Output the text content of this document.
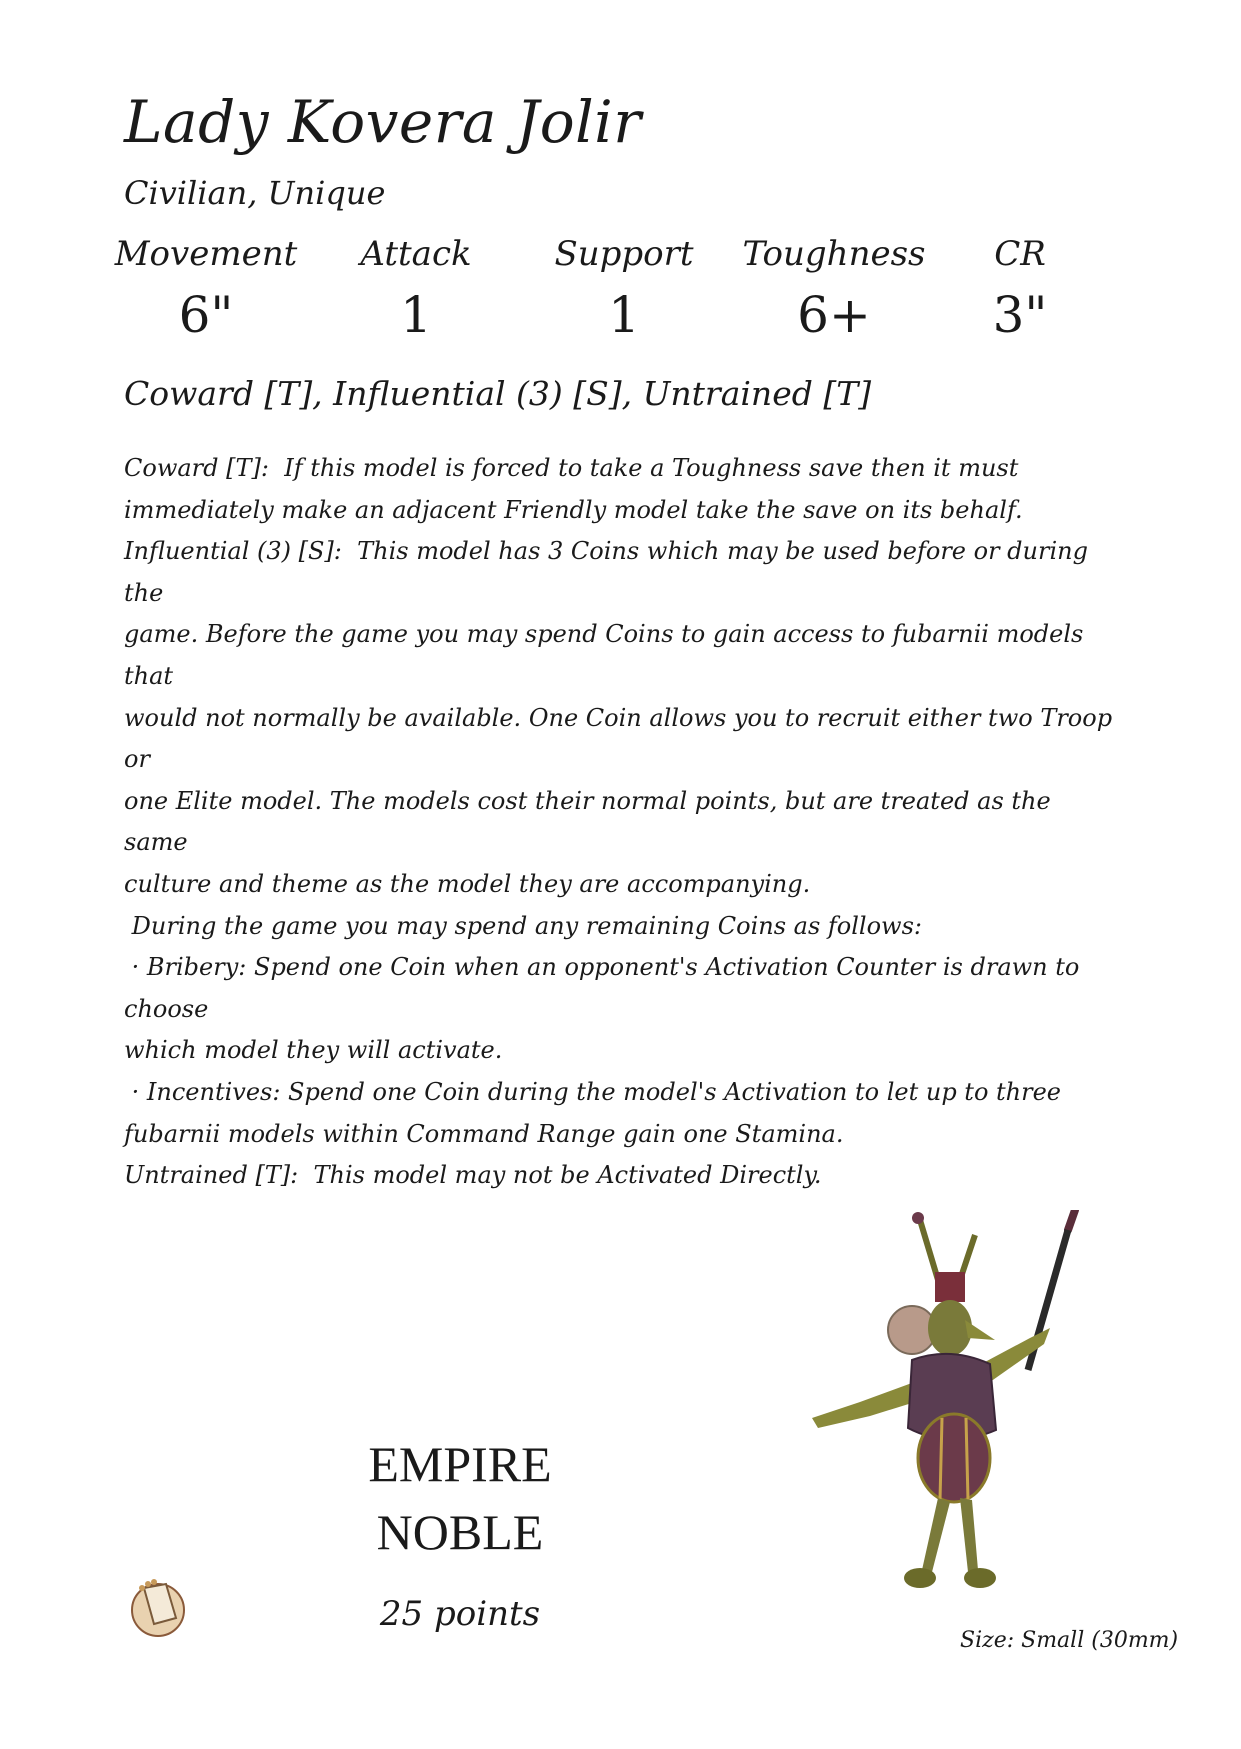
Lady Kovera Jolir
Civilian, Unique
Movement
6"
Attack
1
Support
1
Toughness
6+
CR
3"
Coward [T], Influential (3) [S], Untrained [T]

Coward [T]:  If this model is forced to take a Toughness save then it must

immediately make an adjacent Friendly model take the save on its behalf.

Influential (3) [S]:  This model has 3 Coins which may be used before or during the

game. Before the game you may spend Coins to gain access to fubarnii models that

would not normally be available. One Coin allows you to recruit either two Troop or

one Elite model. The models cost their normal points, but are treated as the same

culture and theme as the model they are accompanying.

During the game you may spend any remaining Coins as follows:

· Bribery: Spend one Coin when an opponent's Activation Counter is drawn to choose

which model they will activate.

· Incentives: Spend one Coin during the model's Activation to let up to three

fubarnii models within Command Range gain one Stamina.

Untrained [T]:  This model may not be Activated Directly.

EMPIRE
NOBLE
25 points
Size: Small (30mm)
